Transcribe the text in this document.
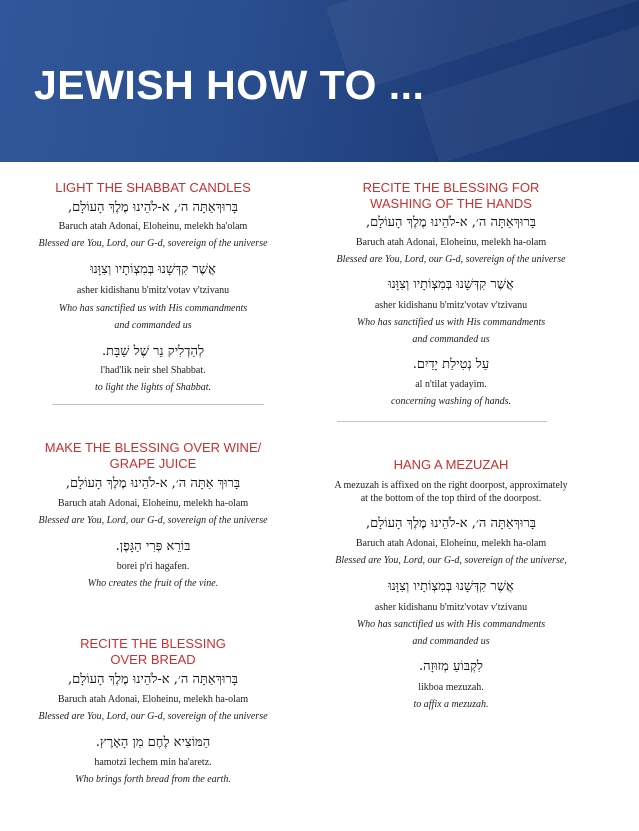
JEWISH HOW TO ...

LIGHT THE SHABBAT CANDLES

בָּרוּךְאַתָּה ה׳, א-לֹהֵינוּ מֶלֶךְ הָעוֹלָם,
Baruch atah Adonai, Eloheinu, melekh ha'olam
Blessed are You, Lord, our G-d, sovereign of the universe
אֲשֶׁר קִדְּשָׁנוּ בְּמִצְוֹתָיו וְצִוָּנוּ
asher kidishanu b'mitz'votav v'tzivanu
Who has sanctified us with His commandments
and commanded us
לְהַדְלִיק נֵר שֶׁל שַׁבָּת.
l'had'lik neir shel Shabbat.
to light the lights of Shabbat.

MAKE THE BLESSING OVER WINE/

GRAPE JUICE

בָּרוּךְ אַתָּה ה׳, א-לֹהֵינוּ מֶלֶךְ הָעוֹלָם,
Baruch atah Adonai, Eloheinu, melekh ha-olam
Blessed are You, Lord, our G-d, sovereign of the universe
בּוֹרֵא פְּרִי הַגָּפֶן.
borei p'ri hagafen.
Who creates the fruit of the vine.

RECITE THE BLESSING

OVER BREAD

בָּרוּךְאַתָּה ה׳, א-לֹהֵינוּ מֶלֶךְ הָעוֹלָם,
Baruch atah Adonai, Eloheinu, melekh ha-olam
Blessed are You, Lord, our G-d, sovereign of the universe
הַמּוֹצִיא לֶחֶם מִן הָאָרֶץ.
hamotzi lechem min ha'aretz.
Who brings forth bread from the earth.

RECITE THE BLESSING FOR

WASHING OF THE HANDS

בָּרוּךְאַתָּה ה׳, א-לֹהֵינוּ מֶלֶךְ הָעוֹלָם,
Baruch atah Adonai, Eloheinu, melekh ha-olam
Blessed are You, Lord, our G-d, sovereign of the universe
אֲשֶׁר קִדְּשָׁנוּ בְּמִצְוֹתָיו וְצִוָּנוּ
asher kidishanu b'mitz'votav v'tzivanu
Who has sanctified us with His commandments
and commanded us
עַל נְטִילַת יָדַיִם.
al n'tilat yadayim.
concerning washing of hands.

HANG A MEZUZAH

A mezuzah is affixed on the right doorpost, approximately
at the bottom of the top third of the doorpost.
בָּרוּךְאַתָּה ה׳, א-לֹהֵינוּ מֶלֶךְ הָעוֹלָם,
Baruch atah Adonai, Eloheinu, melekh ha-olam
Blessed are You, Lord, our G-d, sovereign of the universe,
אֲשֶׁר קִדְּשָׁנוּ בְּמִצְוֹתָיו וְצִוָּנוּ
asher kidishanu b'mitz'votav v'tzivanu
Who has sanctified us with His commandments
and commanded us
לִקְבּוֹעַ מְזוּזָה.
likboa mezuzah.
to affix a mezuzah.
